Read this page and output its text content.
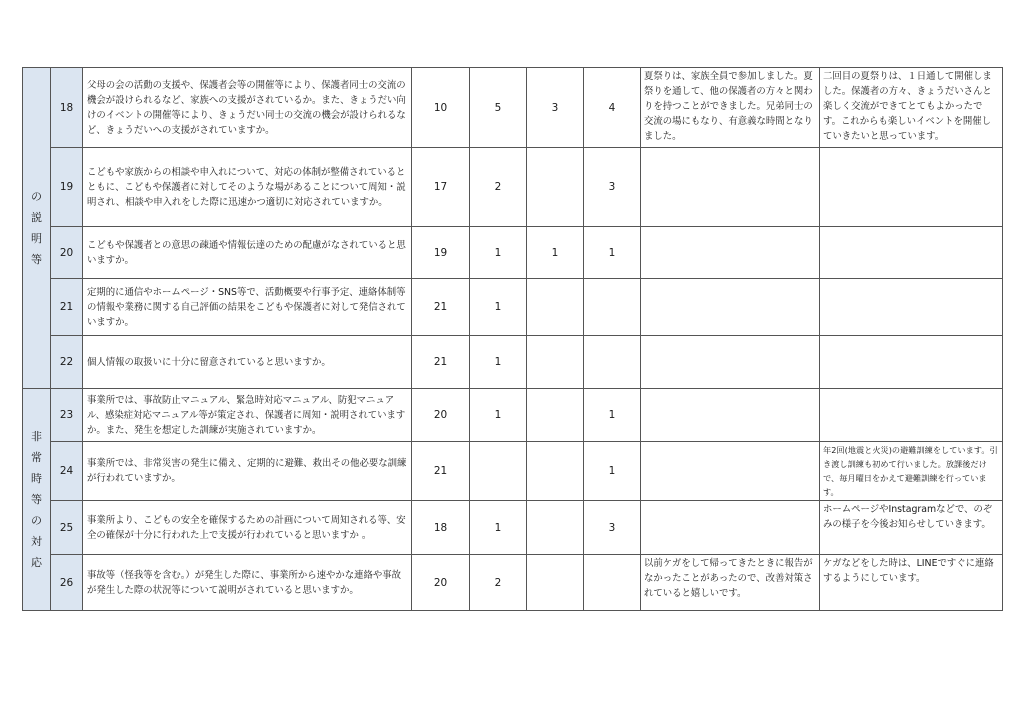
の説明等	18	父母の会の活動の支援や、保護者会等の開催等により、保護者同士の交流の機会が設けられるなど、家族への支援がされているか。また、きょうだい向けのイベントの開催等により、きょうだい同士の交流の機会が設けられるなど、きょうだいへの支援がされていますか。	10	5	3	4	夏祭りは、家族全員で参加しました。夏祭りを通して、他の保護者の方々と関わりを持つことができました。兄弟同士の交流の場にもなり、有意義な時間となりました。	二回目の夏祭りは、１日通して開催しました。保護者の方々、きょうだいさんと楽しく交流ができてとてもよかったです。これからも楽しいイベントを開催していきたいと思っています。
	19	こどもや家族からの相談や申入れについて、対応の体制が整備されているとともに、こどもや保護者に対してそのような場があることについて周知・説明され、相談や申入れをした際に迅速かつ適切に対応されていますか。	17	2		3		
	20	こどもや保護者との意思の疎通や情報伝達のための配慮がなされていると思いますか。	19	1	1	1		
	21	定期的に通信やホームページ・SNS等で、活動概要や行事予定、連絡体制等の情報や業務に関する自己評価の結果をこどもや保護者に対して発信されていますか。	21	1				
	22	個人情報の取扱いに十分に留意されていると思いますか。	21	1				
非常時等の対応	23	事業所では、事故防止マニュアル、緊急時対応マニュアル、防犯マニュアル、感染症対応マニュアル等が策定され、保護者に周知・説明されていますか。また、発生を想定した訓練が実施されていますか。	20	1		1		
	24	事業所では、非常災害の発生に備え、定期的に避難、救出その他必要な訓練が行われていますか。	21			1		年2回(地震と火災)の避難訓練をしています。引き渡し訓練も初めて行いました。放課後だけで、毎月曜日をかえて避難訓練を行っています。
	25	事業所より、こどもの安全を確保するための計画について周知される等、安全の確保が十分に行われた上で支援が行われていると思いますか 。	18	1		3		ホームページやInstagramなどで、のぞみの様子を今後お知らせしていきます。
	26	事故等（怪我等を含む。）が発生した際に、事業所から速やかな連絡や事故が発生した際の状況等について説明がされていると思いますか。	20	2			以前ケガをして帰ってきたときに報告がなかったことがあったので、改善対策されていると嬉しいです。	ケガなどをした時は、LINEですぐに連絡するようにしています。
